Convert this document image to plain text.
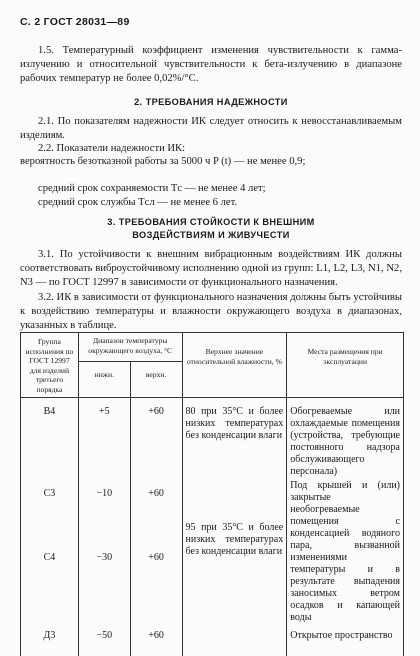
С. 2 ГОСТ 28031—89
1.5. Температурный коэффициент изменения чувствительности к гамма-излучению и относительной чувствительности к бета-излучению в диапазоне рабочих температур не более 0,02%/°С.
2. ТРЕБОВАНИЯ НАДЕЖНОСТИ
2.1. По показателям надежности ИК следует относить к невосстанавливаемым изделиям.
2.2. Показатели надежности ИК:
вероятность безотказной работы за 5000 ч P (t) — не менее 0,9;
средний срок сохраняемости Tс — не менее 4 лет;
средний срок службы Tсл — не менее 6 лет.
3. ТРЕБОВАНИЯ СТОЙКОСТИ К ВНЕШНИМ
ВОЗДЕЙСТВИЯМ И ЖИВУЧЕСТИ
3.1. По устойчивости к внешним вибрационным воздействиям ИК должны соответствовать виброустойчивому исполнению одной из групп: L1, L2, L3, N1, N2, N3 — по ГОСТ 12997 в зависимости от функционального назначения.
3.2. ИК в зависимости от функционального назначения должны быть устойчивы к воздействию температуры и влажности окружающего воздуха в диапазонах, указанных в таблице.
Группа исполнения по ГОСТ 12997 для изделий третьего порядка	Диапазон температуры окружающего воздуха, °С		Верхнее значение относительной влажности, %	Места размещения при эксплуатации
	нижн.	верхн.		
В4	+5	+60	80 при 35°С и более низких температурах без конденсации влаги	Обогреваемые или охлаждаемые помещения (устройства, требующие постоянного надзора обслуживающего персонала)
С3	−10	+60		Под крышей и (или) закрытые необогреваемые помещения с конденсацией водяного пара, вызванной изменениями температуры и в результате выпадения заносимых ветром осадков и капающей воды
С4	−30	+60	95 при 35°С и более низких температурах без конденсации влаги	
Д3	−50	+60		Открытое пространство
